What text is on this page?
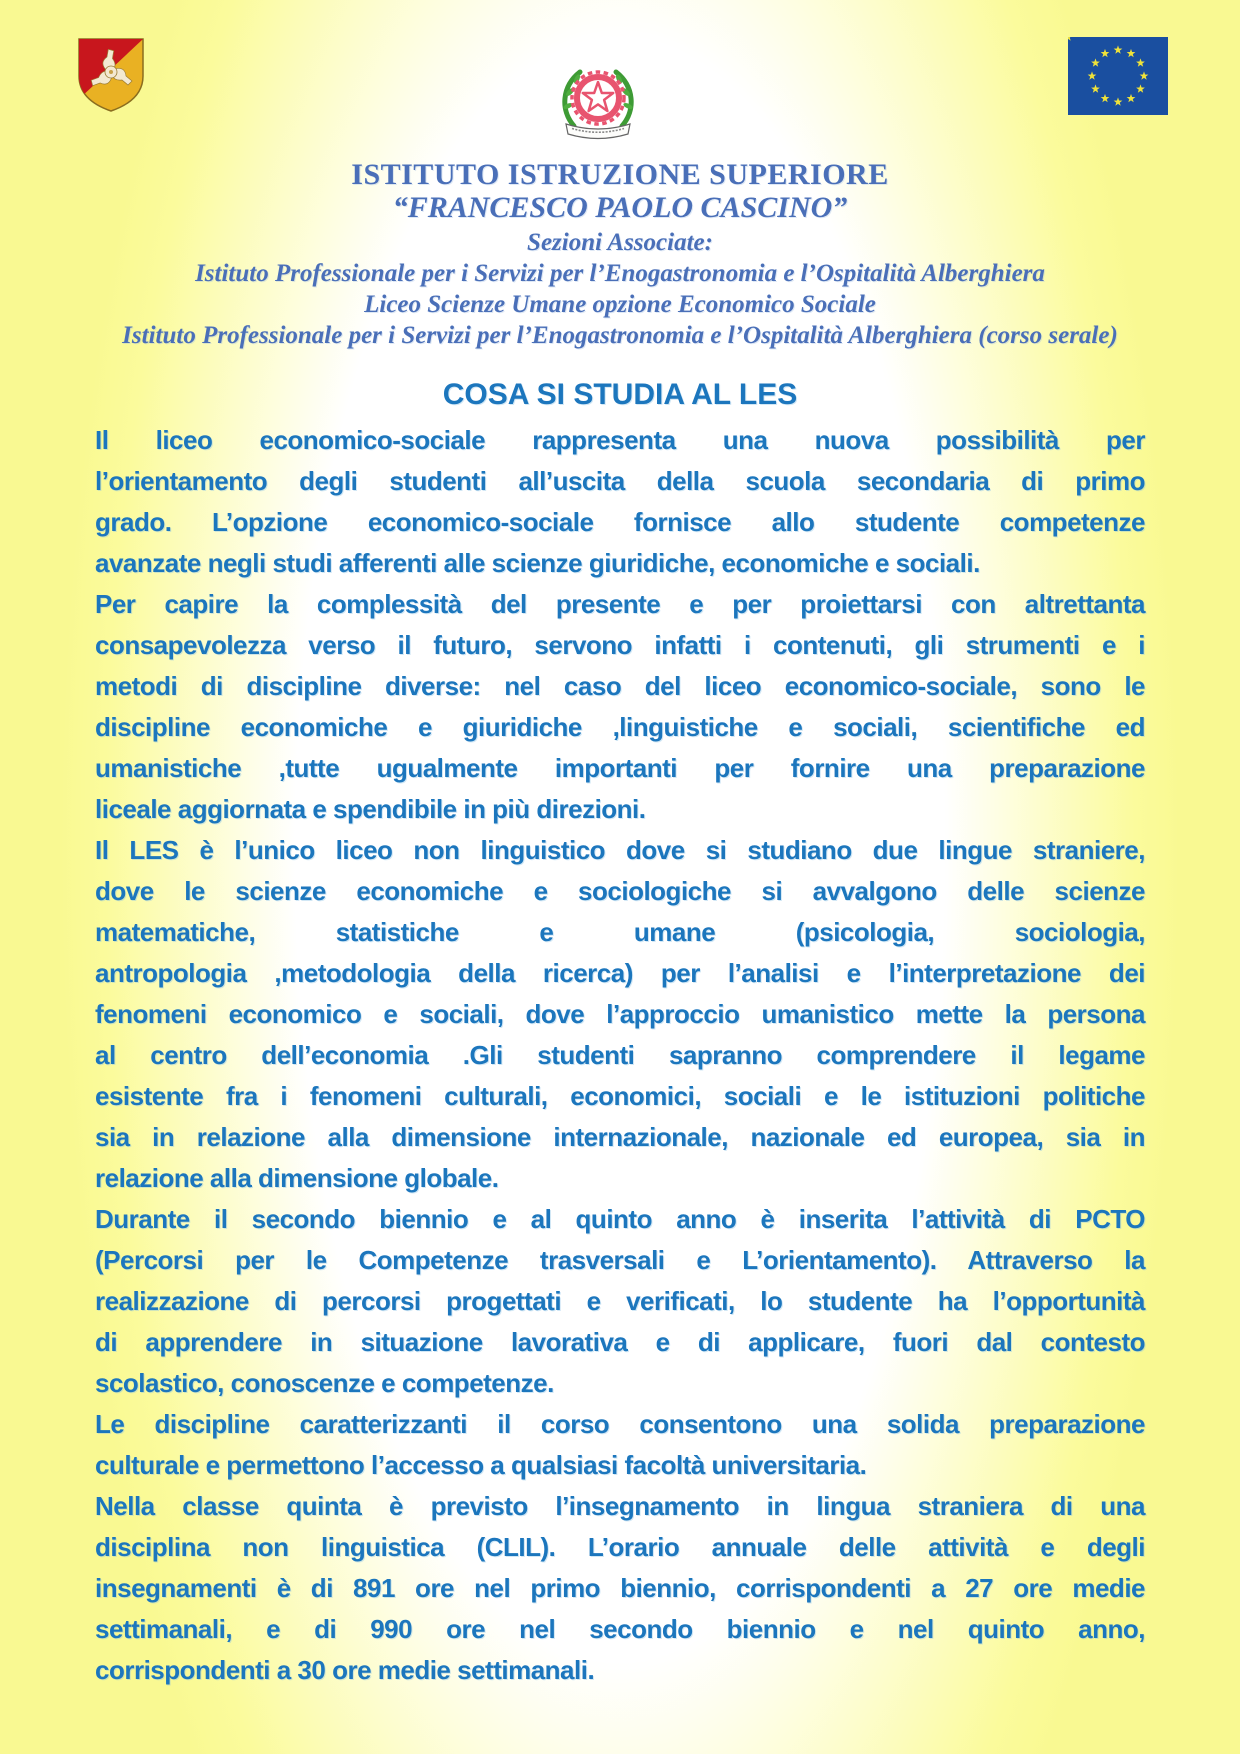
ISTITUTO ISTRUZIONE SUPERIORE
“FRANCESCO PAOLO CASCINO”
Sezioni Associate:
Istituto Professionale per i Servizi per l’Enogastronomia e l’Ospitalità Alberghiera
Liceo Scienze Umane opzione Economico Sociale
Istituto Professionale per i Servizi per l’Enogastronomia e l’Ospitalità Alberghiera (corso serale)
COSA SI STUDIA AL LES
Il liceo economico-sociale rappresenta una nuova possibilità per
l’orientamento degli studenti all’uscita della scuola secondaria di primo
grado. L’opzione economico-sociale fornisce allo studente competenze
avanzate negli studi afferenti alle scienze giuridiche, economiche e sociali.
Per capire la complessità del presente e per proiettarsi con altrettanta
consapevolezza verso il futuro, servono infatti i contenuti, gli strumenti e i
metodi di discipline diverse: nel caso del liceo economico-sociale, sono le
discipline economiche e giuridiche ,linguistiche e sociali, scientifiche ed
umanistiche ,tutte ugualmente importanti per fornire una preparazione
liceale aggiornata e spendibile in più direzioni.
Il LES è l’unico liceo non linguistico dove si studiano due lingue straniere,
dove le scienze economiche e sociologiche si avvalgono delle scienze
matematiche, statistiche e umane (psicologia, sociologia,
antropologia ,metodologia della ricerca) per l’analisi e l’interpretazione dei
fenomeni economico e sociali, dove l’approccio umanistico mette la persona
al centro dell’economia .Gli studenti sapranno comprendere il legame
esistente fra i fenomeni culturali, economici, sociali e le istituzioni politiche
sia in relazione alla dimensione internazionale, nazionale ed europea, sia in
relazione alla dimensione globale.
Durante il secondo biennio e al quinto anno è inserita l’attività di PCTO
(Percorsi per le Competenze trasversali e L’orientamento). Attraverso la
realizzazione di percorsi progettati e verificati, lo studente ha l’opportunità
di apprendere in situazione lavorativa e di applicare, fuori dal contesto
scolastico, conoscenze e competenze.
Le discipline caratterizzanti il corso consentono una solida preparazione
culturale e permettono l’accesso a qualsiasi facoltà universitaria.
Nella classe quinta è previsto l’insegnamento in lingua straniera di una
disciplina non linguistica (CLIL). L’orario annuale delle attività e degli
insegnamenti è di 891 ore nel primo biennio, corrispondenti a 27 ore medie
settimanali, e di 990 ore nel secondo biennio e nel quinto anno,
corrispondenti a 30 ore medie settimanali.
